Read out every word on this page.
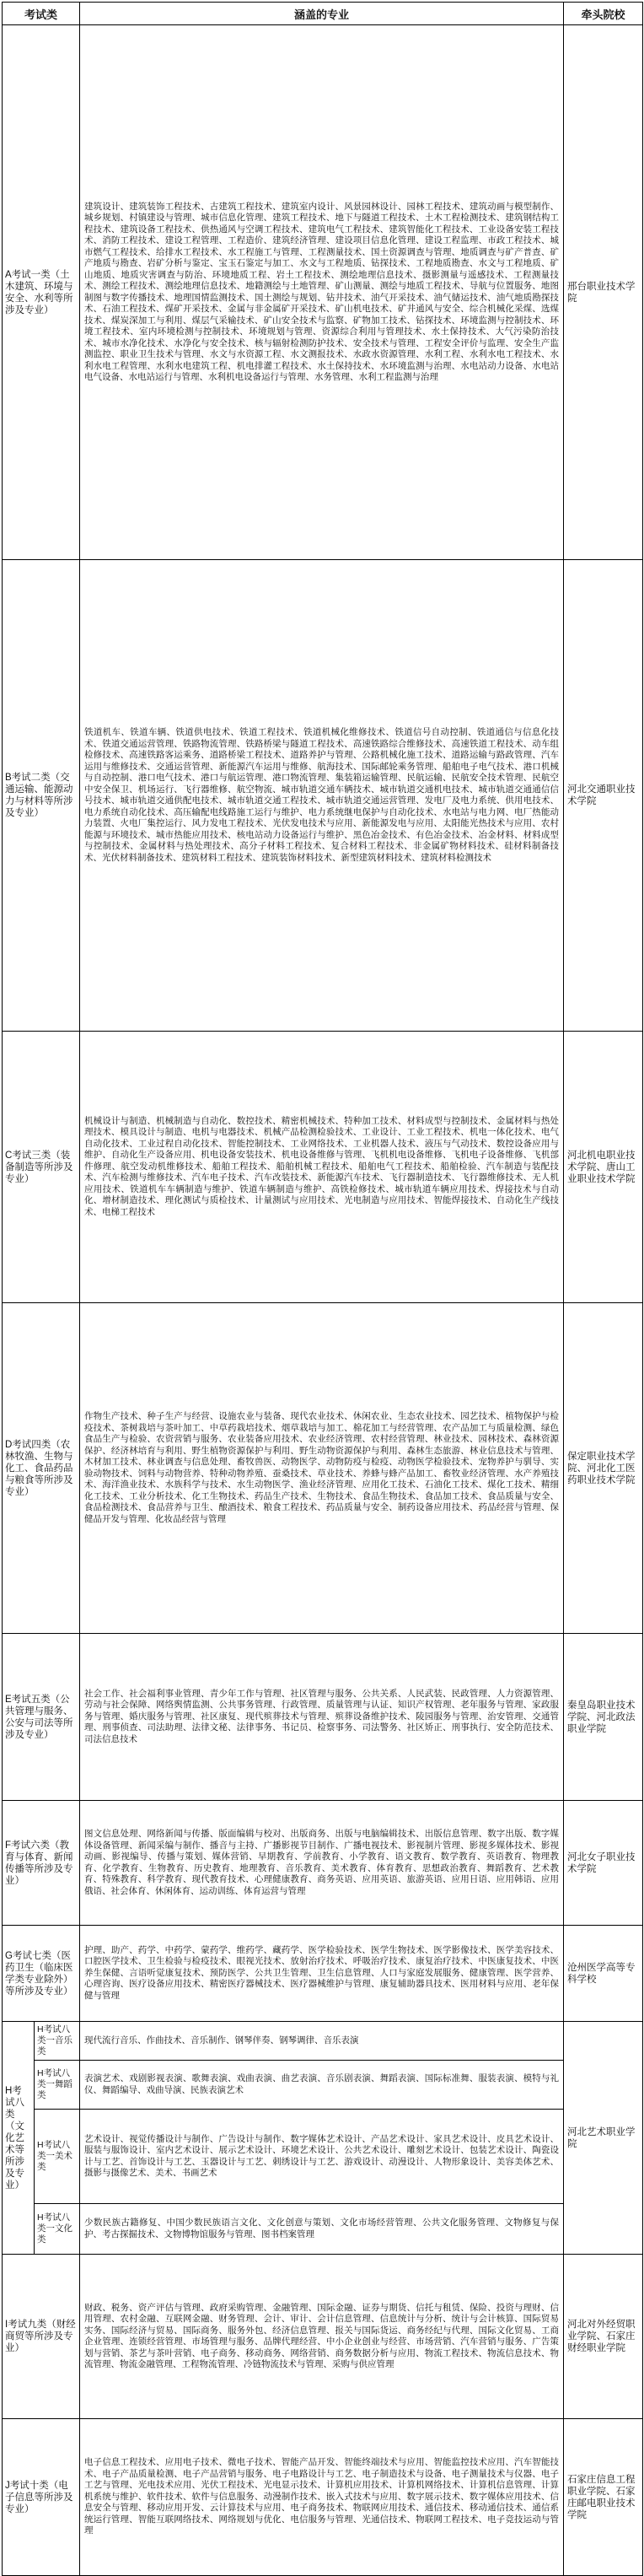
考试类		涵盖的专业	牵头院校
A考试一类（土木建筑、环境与安全、水利等所涉及专业）		建筑设计、建筑装饰工程技术、古建筑工程技术、建筑室内设计、风景园林设计、园林工程技术、建筑动画与模型制作、城乡规划、村镇建设与管理、城市信息化管理、建筑工程技术、地下与隧道工程技术、土木工程检测技术、建筑钢结构工程技术、建筑设备工程技术、供热通风与空调工程技术、建筑电气工程技术、建筑智能化工程技术、工业设备安装工程技术、消防工程技术、建设工程管理、工程造价、建筑经济管理、建设项目信息化管理、建设工程监理、市政工程技术、城市燃气工程技术、给排水工程技术、水工程施工与管理、工程测量技术、国土资源调查与管理、地质调查与矿产普查、矿产地质与勘查、岩矿分析与鉴定、宝玉石鉴定与加工、水文与工程地质、钻探技术、工程地质勘查、水文与工程地质、矿山地质、地质灾害调查与防治、环境地质工程、岩土工程技术、测绘地理信息技术、摄影测量与遥感技术、工程测量技术、测绘工程技术、测绘地理信息技术、地籍测绘与土地管理、矿山测量、测绘与地质工程技术、导航与位置服务、地图制图与数字传播技术、地理国情监测技术、国土测绘与规划、钻井技术、油气开采技术、油气储运技术、油气地质勘探技术、石油工程技术、煤矿开采技术、金属与非金属矿开采技术、矿山机电技术、矿井通风与安全、综合机械化采煤、选煤技术、煤炭深加工与利用、煤层气采输技术、矿山安全技术与监察、矿物加工技术、钻探技术、环境监测与控制技术、环境工程技术、室内环境检测与控制技术、环境规划与管理、资源综合利用与管理技术、水土保持技术、大气污染防治技术、城市水净化技术、水净化与安全技术、核与辐射检测防护技术、安全技术与管理、工程安全评价与监理、安全生产监测监控、职业卫生技术与管理、水文与水资源工程、水文测报技术、水政水资源管理、水利工程、水利水电工程技术、水利水电工程管理、水利水电建筑工程、机电排灌工程技术、水土保持技术、水环境监测与治理、水电站动力设备、水电站电气设备、水电站运行与管理、水利机电设备运行与管理、水务管理、水利工程监测与治理	邢台职业技术学院
B考试二类（交通运输、能源动力与材料等所涉及专业）		铁道机车、铁道车辆、铁道供电技术、铁道工程技术、铁道机械化维修技术、铁道信号自动控制、铁道通信与信息化技术、铁道交通运营管理、铁路物流管理、铁路桥梁与隧道工程技术、高速铁路综合维修技术、高速铁道工程技术、动车组检修技术、高速铁路客运乘务、道路桥梁工程技术、道路养护与管理、公路机械化施工技术、道路运输与路政管理、汽车运用与维修技术、交通运营管理、新能源汽车运用与维修、航海技术、国际邮轮乘务管理、船舶电子电气技术、港口机械与自动控制、港口电气技术、港口与航运管理、港口物流管理、集装箱运输管理、民航运输、民航安全技术管理、民航空中安全保卫、机场运行、飞行器维修、航空物流、城市轨道交通车辆技术、城市轨道交通机电技术、城市轨道交通通信信号技术、城市轨道交通供配电技术、城市轨道交通工程技术、城市轨道交通运营管理、发电厂及电力系统、供用电技术、电力系统自动化技术、高压输配电线路施工运行与维护、电力系统继电保护与自动化技术、水电站与电力网、电厂热能动力装置、火电厂集控运行、风力发电工程技术、光伏发电技术与应用、新能源发电与应用、太阳能光热技术与应用、农村能源与环境技术、城市热能应用技术、核电站动力设备运行与维护、黑色冶金技术、有色冶金技术、冶金材料、材料成型与控制技术、金属材料与热处理技术、高分子材料工程技术、复合材料工程技术、非金属矿物材料技术、硅材料制备技术、光伏材料制备技术、建筑材料工程技术、建筑装饰材料技术、新型建筑材料技术、建筑材料检测技术	河北交通职业技术学院
C考试三类（装备制造等所涉及专业）		机械设计与制造、机械制造与自动化、数控技术、精密机械技术、特种加工技术、材料成型与控制技术、金属材料与热处理技术、模具设计与制造、电机与电器技术、机械产品检测检验技术、工业设计、工业工程技术、机电一体化技术、电气自动化技术、工业过程自动化技术、智能控制技术、工业网络技术、工业机器人技术、液压与气动技术、数控设备应用与维护、自动化生产设备应用、机电设备安装技术、机电设备维修与管理、飞机机电设备维修、飞机电子设备维修、飞机部件修理、航空发动机维修技术、船舶工程技术、船舶机械工程技术、船舶电气工程技术、船舶检验、汽车制造与装配技术、汽车检测与维修技术、汽车电子技术、汽车改装技术、新能源汽车技术、飞行器制造技术、飞行器维修技术、无人机应用技术、铁道机车车辆制造与维护、铁道车辆制造与维护、高铁检修技术、城市轨道车辆应用技术、焊接技术与自动化、增材制造技术、理化测试与质检技术、计量测试与应用技术、光电制造与应用技术、智能焊接技术、自动化生产线技术、电梯工程技术	河北机电职业技术学院、唐山工业职业技术学院
D考试四类（农林牧渔、生物与化工、食品药品与粮食等所涉及专业）		作物生产技术、种子生产与经营、设施农业与装备、现代农业技术、休闲农业、生态农业技术、园艺技术、植物保护与检疫技术、茶树栽培与茶叶加工、中草药栽培技术、烟草栽培与加工、棉花加工与经营管理、农产品加工与质量检测、绿色食品生产与检验、农资营销与服务、农业装备应用技术、农业经济管理、农村经营管理、林业技术、园林技术、森林资源保护、经济林培育与利用、野生植物资源保护与利用、野生动物资源保护与利用、森林生态旅游、林业信息技术与管理、木材加工技术、林业调查与信息处理、畜牧兽医、动物医学、动物防疫与检疫、动物医学检验技术、宠物养护与驯导、实验动物技术、饲料与动物营养、特种动物养殖、蚕桑技术、草业技术、养蜂与蜂产品加工、畜牧业经济管理、水产养殖技术、海洋渔业技术、水族科学与技术、水生动物医学、渔业经济管理、应用化工技术、石油化工技术、煤化工技术、精细化工技术、工业分析技术、化工生物技术、药品生产技术、生物技术、食品生物技术、食品加工技术、食品质量与安全、食品检测技术、食品营养与卫生、酿酒技术、粮食工程技术、药品质量与安全、制药设备应用技术、药品经营与管理、保健品开发与管理、化妆品经营与管理	保定职业技术学院、河北化工医药职业技术学院
E考试五类（公共管理与服务、公安与司法等所涉及专业）		社会工作、社会福利事业管理、青少年工作与管理、社区管理与服务、公共关系、人民武装、民政管理、人力资源管理、劳动与社会保障、网络舆情监测、公共事务管理、行政管理、质量管理与认证、知识产权管理、老年服务与管理、家政服务与管理、婚庆服务与管理、社区康复、现代殡葬技术与管理、殡葬设备维护技术、陵园服务与管理、治安管理、交通管理、刑事侦查、司法助理、法律文秘、法律事务、书记员、检察事务、司法警务、社区矫正、刑事执行、安全防范技术、司法信息技术	秦皇岛职业技术学院、河北政法职业学院
F考试六类（教育与体育、新闻传播等所涉及专业）		图文信息处理、网络新闻与传播、版面编辑与校对、出版商务、出版与电脑编辑技术、出版信息管理、数字出版、数字媒体设备管理、新闻采编与制作、播音与主持、广播影视节目制作、广播电视技术、影视制片管理、影视多媒体技术、影视动画、影视编导、传播与策划、媒体营销、早期教育、学前教育、小学教育、语文教育、数学教育、英语教育、物理教育、化学教育、生物教育、历史教育、地理教育、音乐教育、美术教育、体育教育、思想政治教育、舞蹈教育、艺术教育、特殊教育、科学教育、现代教育技术、心理健康教育、商务英语、应用英语、旅游英语、应用日语、应用韩语、应用俄语、社会体育、休闲体育、运动训练、体育运营与管理	河北女子职业技术学院
G考试七类（医药卫生（临床医学类专业除外）等所涉及专业）		护理、助产、药学、中药学、蒙药学、维药学、藏药学、医学检验技术、医学生物技术、医学影像技术、医学美容技术、口腔医学技术、卫生检验与检疫技术、眼视光技术、放射治疗技术、呼吸治疗技术、康复治疗技术、中医康复技术、中医养生保健、言语听觉康复技术、预防医学、公共卫生管理、卫生信息管理、人口与家庭发展服务、健康管理、医学营养、心理咨询、医疗设备应用技术、精密医疗器械技术、医疗器械维护与管理、康复辅助器具技术、医用材料与应用、老年保健与管理	沧州医学高等专科学校
H考试八类（文化艺术等所涉及专业）	H考试八类一音乐类	现代流行音乐、作曲技术、音乐制作、钢琴伴奏、钢琴调律、音乐表演	河北艺术职业学院
	H考试八类一舞蹈类	表演艺术、戏剧影视表演、歌舞表演、戏曲表演、曲艺表演、音乐剧表演、舞蹈表演、国际标准舞、服装表演、模特与礼仪、舞蹈编导、戏曲导演、民族表演艺术	
	H考试八类一美术类	艺术设计、视觉传播设计与制作、广告设计与制作、数字媒体艺术设计、产品艺术设计、家具艺术设计、皮具艺术设计、服装与服饰设计、室内艺术设计、展示艺术设计、环境艺术设计、公共艺术设计、雕刻艺术设计、包装艺术设计、陶瓷设计与工艺、首饰设计与工艺、玉器设计与工艺、刺绣设计与工艺、游戏设计、动漫设计、人物形象设计、美容美体艺术、摄影与摄像艺术、美术、书画艺术	
	H考试八类一文化类	少数民族古籍修复、中国少数民族语言文化、文化创意与策划、文化市场经营管理、公共文化服务管理、文物修复与保护、考古探掘技术、文物博物馆服务与管理、图书档案管理	
I考试九类（财经商贸等所涉及专业）		财政、税务、资产评估与管理、政府采购管理、金融管理、国际金融、证券与期货、信托与租赁、保险、投资与理财、信用管理、农村金融、互联网金融、财务管理、会计、审计、会计信息管理、信息统计与分析、统计与会计核算、国际贸易实务、国际经济与贸易、国际商务、服务外包、经济信息管理、报关与国际货运、商务经纪与代理、国际文化贸易、工商企业管理、连锁经营管理、市场管理与服务、品牌代理经营、中小企业创业与经营、市场营销、汽车营销与服务、广告策划与营销、茶艺与茶叶营销、电子商务、移动商务、网络营销、商务数据分析与应用、物流工程技术、物流信息技术、物流管理、物流金融管理、工程物流管理、冷链物流技术与管理、采购与供应管理	河北对外经贸职业学院、石家庄财经职业学院
J考试十类（电子信息等所涉及专业）		电子信息工程技术、应用电子技术、微电子技术、智能产品开发、智能终端技术与应用、智能监控技术应用、汽车智能技术、电子产品质量检测、电子产品营销与服务、电子电路设计与工艺、电子制造技术与设备、电子测量技术与仪器、电子工艺与管理、光电技术应用、光伏工程技术、光电显示技术、计算机应用技术、计算机网络技术、计算机信息管理、计算机系统与维护、软件技术、软件与信息服务、动漫制作技术、嵌入式技术与应用、数字展示技术、数字媒体应用技术、信息安全与管理、移动应用开发、云计算技术与应用、电子商务技术、物联网应用技术、通信技术、移动通信技术、通信系统运行管理、智能互联网络技术、网络规划与优化、电信服务与管理、光通信技术、物联网工程技术、电子竞技运动与管理	石家庄信息工程职业学院、石家庄邮电职业技术学院
